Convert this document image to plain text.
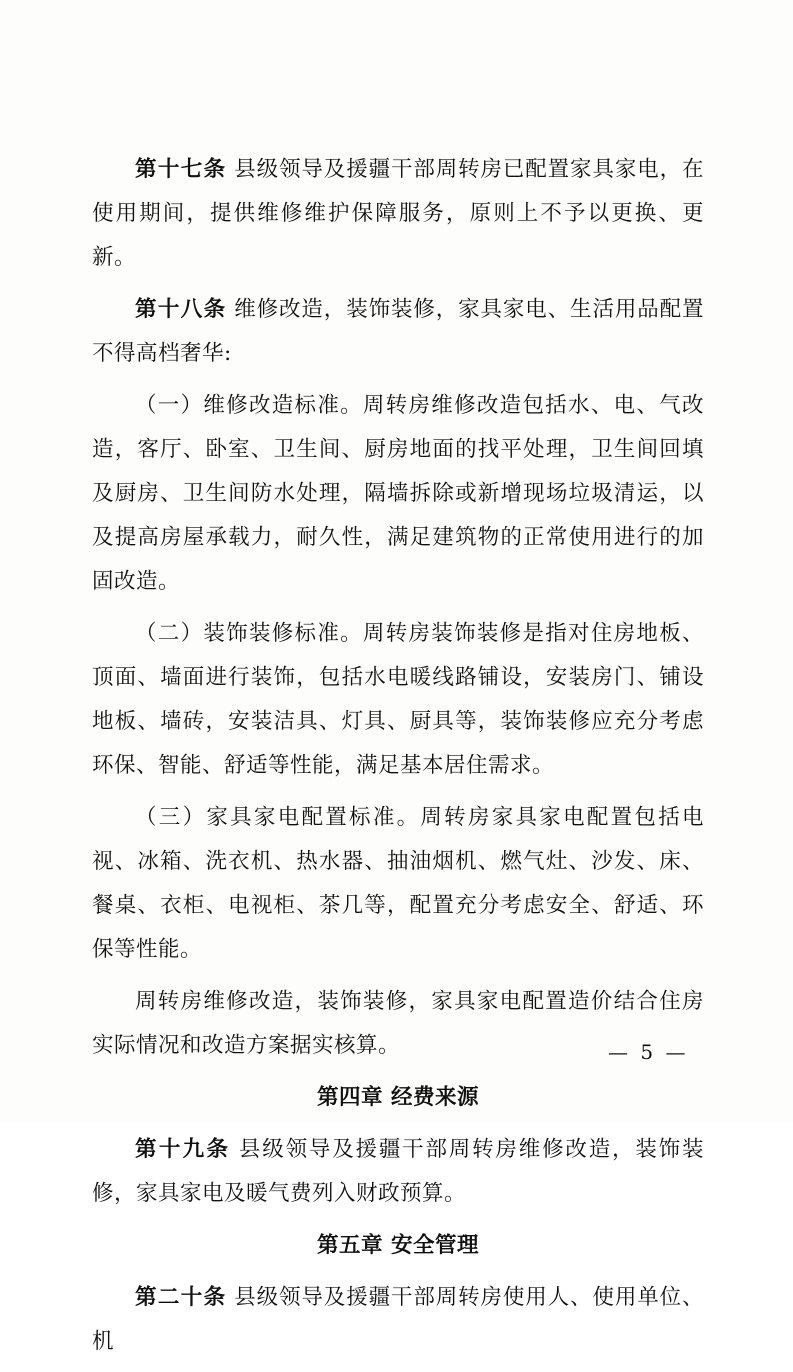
第十七条 县级领导及援疆干部周转房已配置家具家电，在使用期间，提供维修维护保障服务，原则上不予以更换、更新。

第十八条 维修改造，装饰装修，家具家电、生活用品配置不得高档奢华:

（一）维修改造标准。周转房维修改造包括水、电、气改造，客厅、卧室、卫生间、厨房地面的找平处理，卫生间回填及厨房、卫生间防水处理，隔墙拆除或新增现场垃圾清运，以及提高房屋承载力，耐久性，满足建筑物的正常使用进行的加固改造。

（二）装饰装修标准。周转房装饰装修是指对住房地板、顶面、墙面进行装饰，包括水电暖线路铺设，安装房门、铺设地板、墙砖，安装洁具、灯具、厨具等，装饰装修应充分考虑环保、智能、舒适等性能，满足基本居住需求。

（三）家具家电配置标准。周转房家具家电配置包括电视、冰箱、洗衣机、热水器、抽油烟机、燃气灶、沙发、床、餐桌、衣柜、电视柜、茶几等，配置充分考虑安全、舒适、环保等性能。

周转房维修改造，装饰装修，家具家电配置造价结合住房实际情况和改造方案据实核算。

第四章 经费来源

第十九条 县级领导及援疆干部周转房维修改造，装饰装修，家具家电及暖气费列入财政预算。

第五章 安全管理

第二十条 县级领导及援疆干部周转房使用人、使用单位、机

— 5 —
